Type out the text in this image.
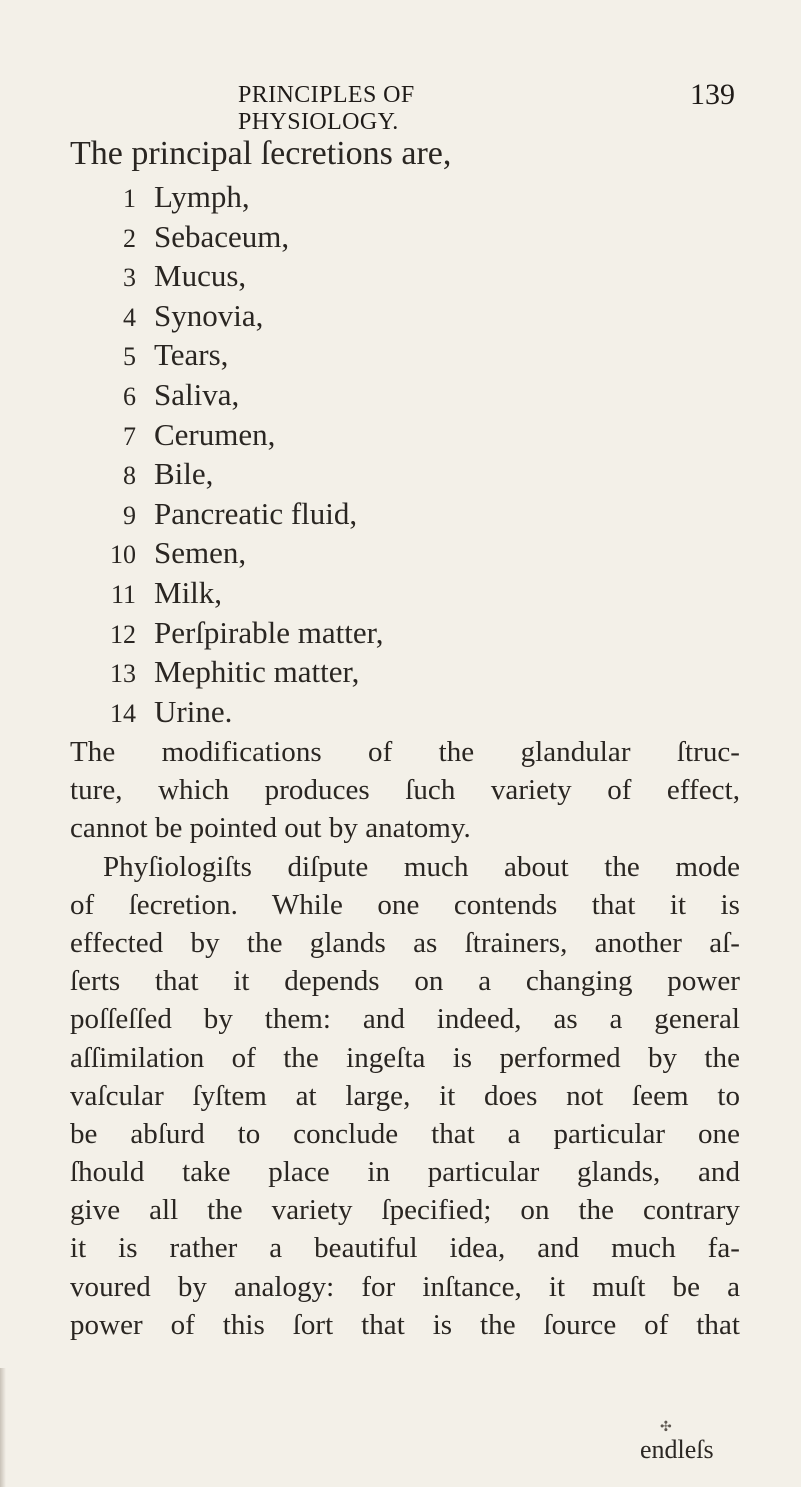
PRINCIPLES OF PHYSIOLOGY.
139
The principal ſecretions are,
1 Lymph,
2 Sebaceum,
3 Mucus,
4 Synovia,
5 Tears,
6 Saliva,
7 Cerumen,
8 Bile,
9 Pancreatic fluid,
10 Semen,
11 Milk,
12 Perſpirable matter,
13 Mephitic matter,
14 Urine.
The modifications of the glandular ſtruc-
ture, which produces ſuch variety of effect,
cannot be pointed out by anatomy.
Phyſiologiſts diſpute much about the mode
of ſecretion. While one contends that it is
effected by the glands as ſtrainers, another aſ-
ſerts that it depends on a changing power
poſſeſſed by them: and indeed, as a general
aſſimilation of the ingeſta is performed by the
vaſcular ſyſtem at large, it does not ſeem to
be abſurd to conclude that a particular one
ſhould take place in particular glands, and
give all the variety ſpecified; on the contrary
it is rather a beautiful idea, and much fa-
voured by analogy: for inſtance, it muſt be a
power of this ſort that is the ſource of that
✣
endleſs
